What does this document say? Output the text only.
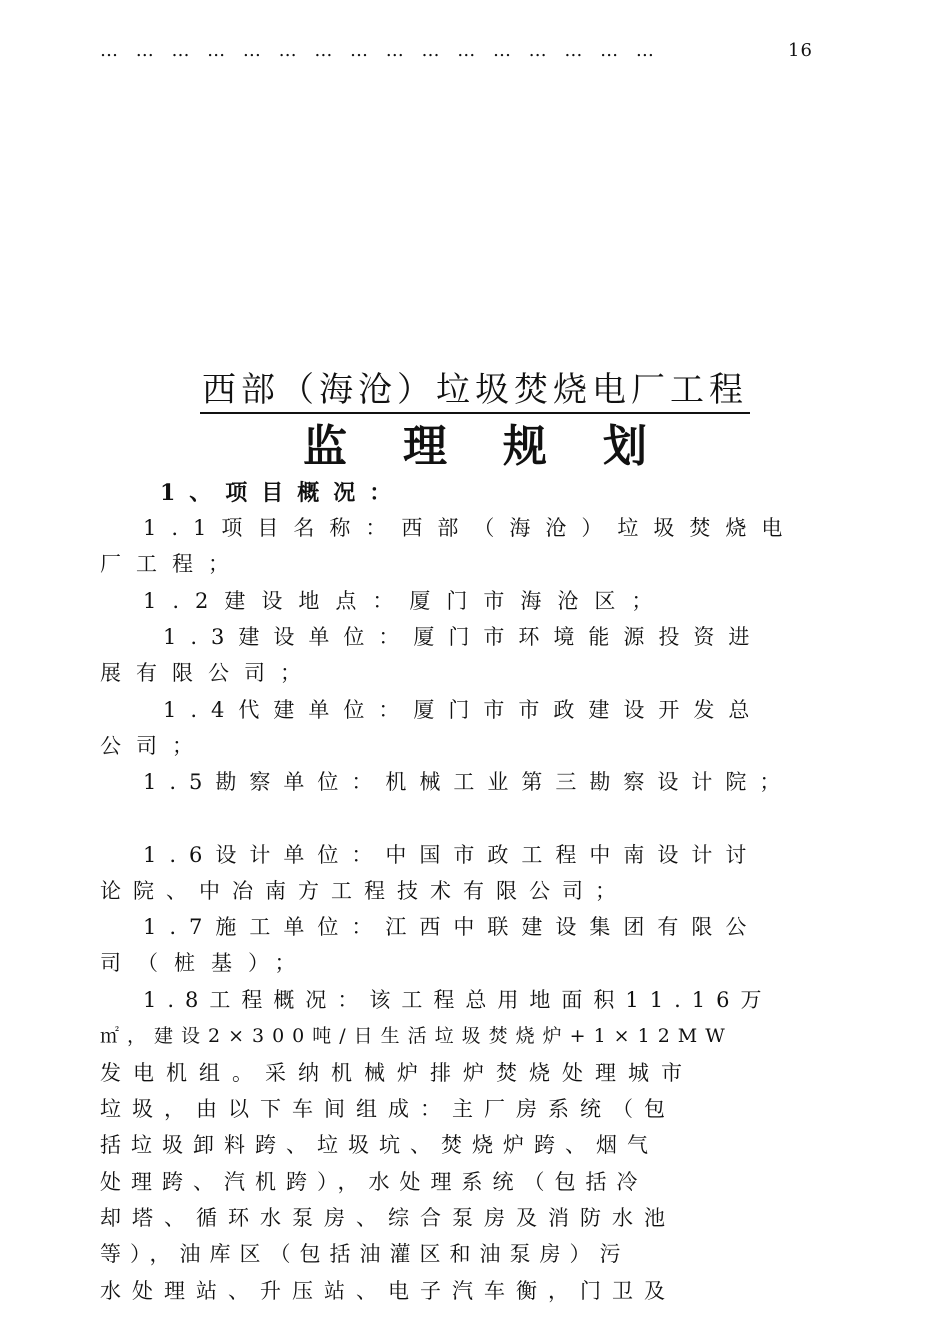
… … … … … … … … … … … … … … … …	16
西部（海沧）垃圾焚烧电厂工程
监理规划
1、项目概况：
1.1项目名称：西部（海沧）垃圾焚烧电
厂工程；
1.2建设地点：厦门市海沧区；
1.3建设单位：厦门市环境能源投资进
展有限公司；
1.4代建单位：厦门市市政建设开发总
公司；
1.5勘察单位：机械工业第三勘察设计院；
1.6设计单位：中国市政工程中南设计讨
论院、中冶南方工程技术有限公司；
1.7施工单位：江西中联建设集团有限公
司（桩基）；
1.8工程概况：该工程总用地面积11.16万
㎡，建设2×300吨/日生活垃圾焚烧炉+1×12MW
发电机组。采纳机械炉排炉焚烧处理城市
垃圾，由以下车间组成：主厂房系统（包
括垃圾卸料跨、垃圾坑、焚烧炉跨、烟气
处理跨、汽机跨），水处理系统（包括冷
却塔、循环水泵房、综合泵房及消防水池
等），油库区（包括油灌区和油泵房）污
水处理站、升压站、电子汽车衡，门卫及
